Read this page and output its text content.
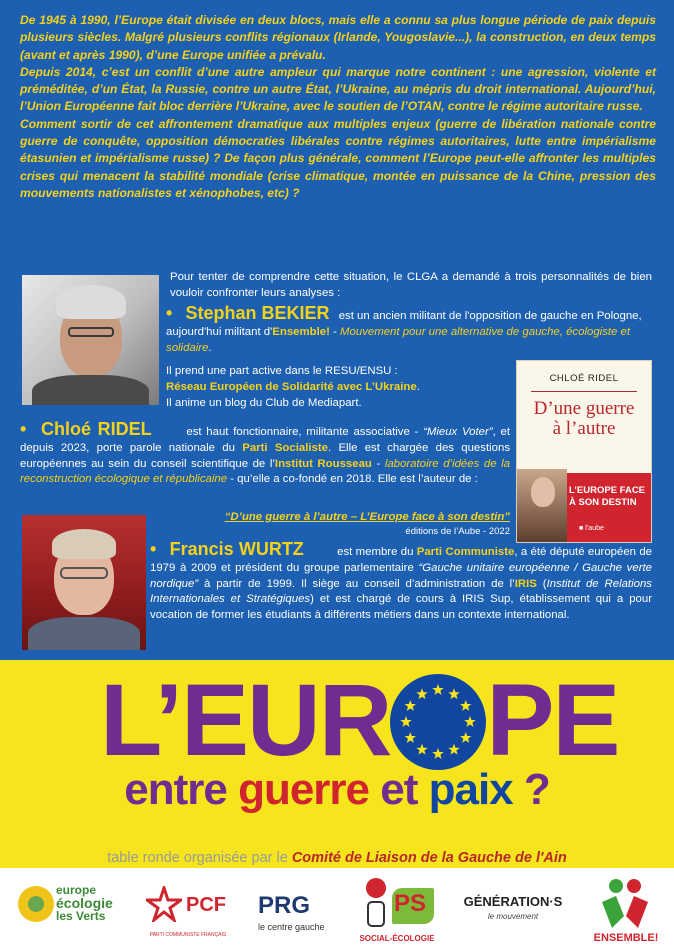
De 1945 à 1990, l’Europe était divisée en deux blocs, mais elle a connu sa plus longue période de paix depuis plusieurs siècles. Malgré plusieurs conflits régionaux (Irlande, Yougoslavie...), la construction, en deux temps (avant et après 1990), d’une Europe unifiée a prévalu.

Depuis 2014, c’est un conflit d’une autre ampleur qui marque notre continent : une agression, violente et préméditée, d’un État, la Russie, contre un autre État, l’Ukraine, au mépris du droit international. Aujourd’hui, l’Union Européenne fait bloc derrière l’Ukraine, avec le soutien de l’OTAN, contre le régime autoritaire russe.

Comment sortir de cet affrontement dramatique aux multiples enjeux (guerre de libération nationale contre guerre de conquête, opposition démocraties libérales contre régimes autoritaires, lutte entre impérialisme étasunien et impérialisme russe) ? De façon plus générale, comment l’Europe peut-elle affronter les multiples crises qui menacent la stabilité mondiale (crise climatique, montée en puissance de la Chine, pression des mouvements nationalistes et xénophobes, etc) ?

Pour tenter de comprendre cette situation, le CLGA a demandé à trois personnalités de bien vouloir confronter leurs analyses :
• Stephan BEKIER est un ancien militant de l'opposition de gauche en Pologne, aujourd'hui militant d'Ensemble! - Mouvement pour une alternative de gauche, écologiste et solidaire.
Il prend une part active dans le RESU/ENSU :
Réseau Européen de Solidarité avec L’Ukraine.
Il anime un blog du Club de Mediapart.
• Chloé RIDEL	est haut fonctionnaire, militante associative - “Mieux Voter”, et depuis 2023, porte parole nationale du Parti Socialiste. Elle est chargée des questions européennes au sein du conseil scientifique de l’Institut Rousseau - laboratoire d’idées de la reconstruction écologique et républicaine - qu’elle a co-fondé en 2018. Elle est l’auteur de :
“D’une guerre à l’autre – L’Europe face à son destin”
éditions de l’Aube - 2022
CHLOÉ RIDEL
D’une guerre
à l’autre
L’EUROPE FACE À SON DESTIN
■ l’aube
• Francis WURTZ	est membre du Parti Communiste, a été député européen de 1979 à 2009 et président du groupe parlementaire “Gauche unitaire européenne / Gauche verte nordique” à partir de 1999. Il siège au conseil d’administration de l’IRIS (Institut de Relations Internationales et Stratégiques) et est chargé de cours à IRIS Sup, établissement qui a pour vocation de former les étudiants à différents métiers dans un contexte international.
L’EUR PE
entre guerre et paix ?
table ronde organisée par le Comité de Liaison de la Gauche de l'Ain
europe
écologie
les Verts	PCF
PARTI COMMUNISTE FRANÇAIS
PRG
le centre gauche
PS
SOCIAL-ÉCOLOGIE
GÉNÉRATION·S
le mouvement
ENSEMBLE!
